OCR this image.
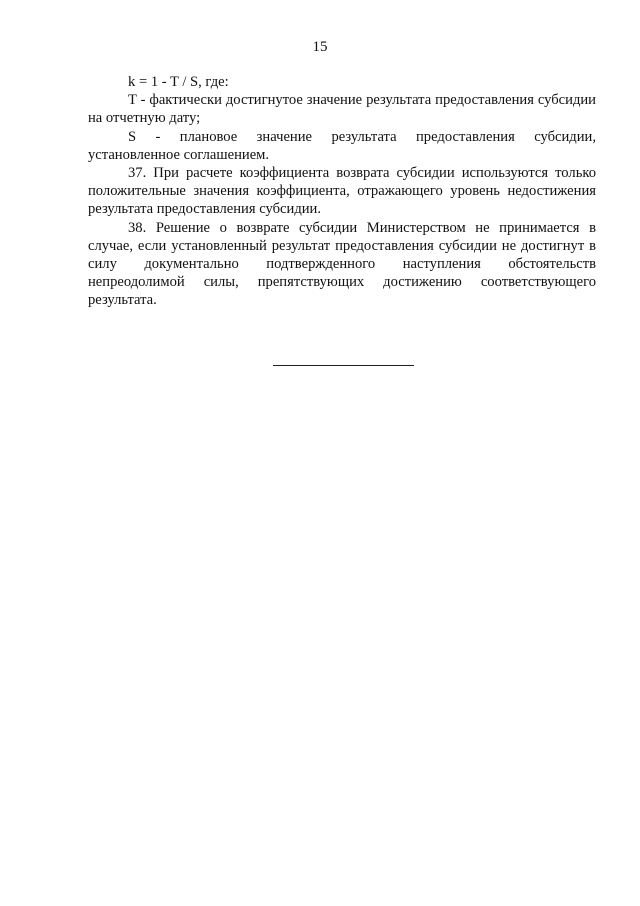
15

k = 1 - T / S, где:

T - фактически достигнутое значение результата предоставления субсидии на отчетную дату;

S - плановое значение результата предоставления субсидии, установленное соглашением.

37. При расчете коэффициента возврата субсидии используются только положительные значения коэффициента, отражающего уровень недостижения результата предоставления субсидии.

38. Решение о возврате субсидии Министерством не принимается в случае, если установленный результат предоставления субсидии не достигнут в силу документально подтвержденного наступления обстоятельств непреодолимой силы, препятствующих достижению соответствующего результата.
